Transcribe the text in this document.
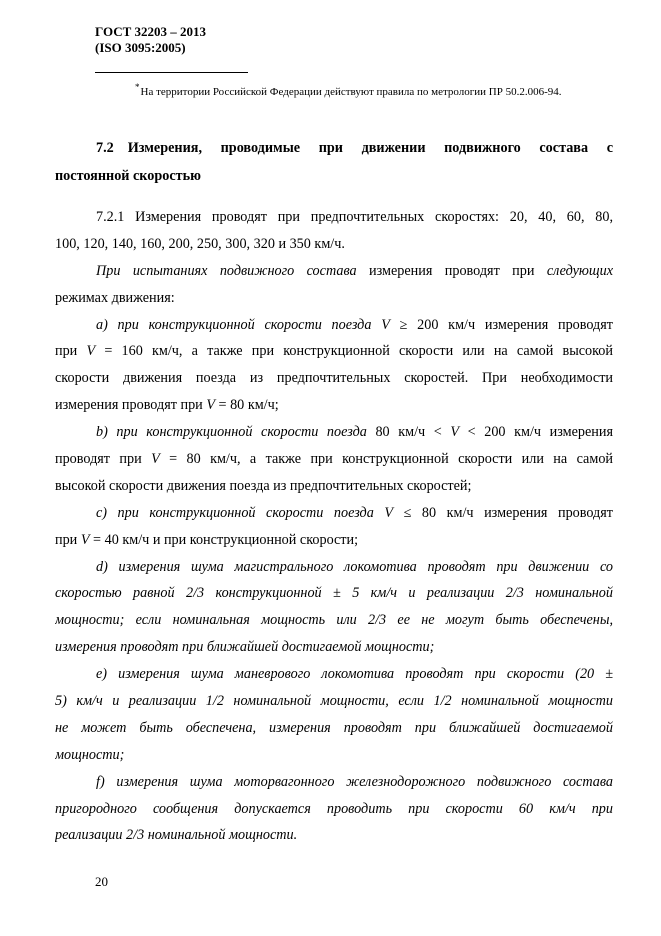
ГОСТ 32203 – 2013
(ISO 3095:2005)
*На территории Российской Федерации действуют правила по метрологии ПР 50.2.006-94.
7.2 Измерения, проводимые при движении подвижного состава с
постоянной скоростью
7.2.1 Измерения проводят при предпочтительных скоростях: 20, 40, 60, 80,
100, 120, 140, 160, 200, 250, 300, 320 и 350 км/ч.
При испытаниях подвижного состава измерения проводят при следующих
режимах движения:
а) при конструкционной скорости поезда V ≥ 200 км/ч измерения проводят
при V = 160 км/ч, а также при конструкционной скорости или на самой высокой
скорости движения поезда из предпочтительных скоростей. При необходимости
измерения проводят при V = 80 км/ч;
b) при конструкционной скорости поезда 80 км/ч < V < 200 км/ч измерения
проводят при V = 80 км/ч, а также при конструкционной скорости или на самой
высокой скорости движения поезда из предпочтительных скоростей;
c) при конструкционной скорости поезда V ≤ 80 км/ч измерения проводят
при V = 40 км/ч и при конструкционной скорости;
d) измерения шума магистрального локомотива проводят при движении со
скоростью равной 2/3 конструкционной ± 5 км/ч и реализации 2/3 номинальной
мощности; если номинальная мощность или 2/3 ее не могут быть обеспечены,
измерения проводят при ближайшей достигаемой мощности;
e) измерения шума маневрового локомотива проводят при скорости (20 ±
5) км/ч и реализации 1/2 номинальной мощности, если 1/2 номинальной мощности
не может быть обеспечена, измерения проводят при ближайшей достигаемой
мощности;
f) измерения шума моторвагонного железнодорожного подвижного состава
пригородного сообщения допускается проводить при скорости 60 км/ч при
реализации 2/3 номинальной мощности.
20
